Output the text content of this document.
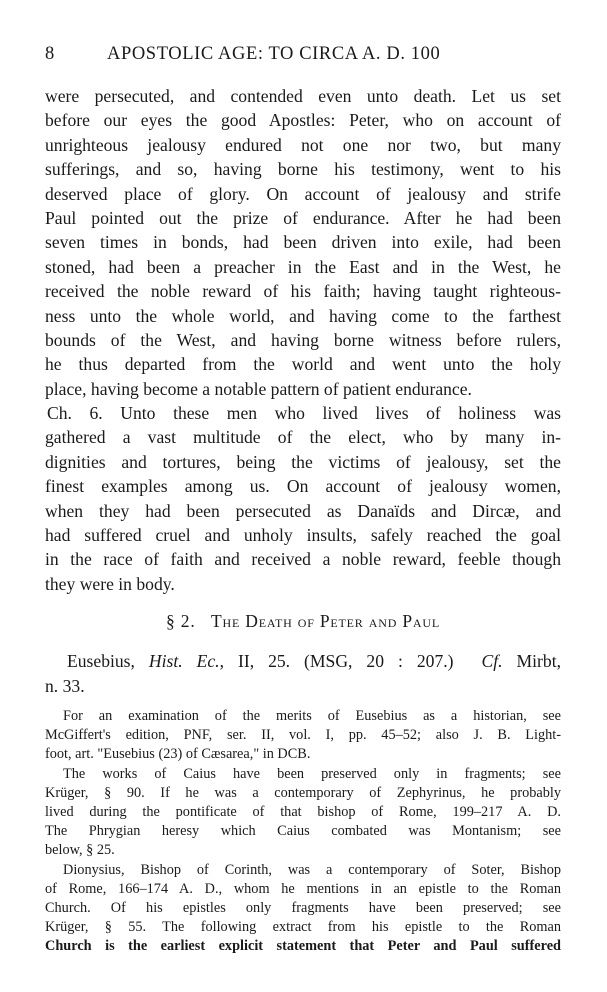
8	APOSTOLIC AGE: TO CIRCA A. D. 100
were persecuted, and contended even unto death. Let us set
before our eyes the good Apostles: Peter, who on account of
unrighteous jealousy endured not one nor two, but many
sufferings, and so, having borne his testimony, went to his
deserved place of glory. On account of jealousy and strife
Paul pointed out the prize of endurance. After he had been
seven times in bonds, had been driven into exile, had been
stoned, had been a preacher in the East and in the West, he
received the noble reward of his faith; having taught righteous-
ness unto the whole world, and having come to the farthest
bounds of the West, and having borne witness before rulers,
he thus departed from the world and went unto the holy
place, having become a notable pattern of patient endurance.
Ch. 6. Unto these men who lived lives of holiness was
gathered a vast multitude of the elect, who by many in-
dignities and tortures, being the victims of jealousy, set the
finest examples among us. On account of jealousy women,
when they had been persecuted as Danaïds and Dircæ, and
had suffered cruel and unholy insults, safely reached the goal
in the race of faith and received a noble reward, feeble though
they were in body.
§ 2. The Death of Peter and Paul
Eusebius, Hist. Ec., II, 25. (MSG, 20 : 207.) Cf. Mirbt,
n. 33.
For an examination of the merits of Eusebius as a historian, see
McGiffert's edition, PNF, ser. II, vol. I, pp. 45–52; also J. B. Light-
foot, art. "Eusebius (23) of Cæsarea," in DCB.
The works of Caius have been preserved only in fragments; see
Krüger, § 90. If he was a contemporary of Zephyrinus, he probably
lived during the pontificate of that bishop of Rome, 199–217 A. D.
The Phrygian heresy which Caius combated was Montanism; see
below, § 25.
Dionysius, Bishop of Corinth, was a contemporary of Soter, Bishop
of Rome, 166–174 A. D., whom he mentions in an epistle to the Roman
Church. Of his epistles only fragments have been preserved; see
Krüger, § 55. The following extract from his epistle to the Roman
Church is the earliest explicit statement that Peter and Paul suffered
